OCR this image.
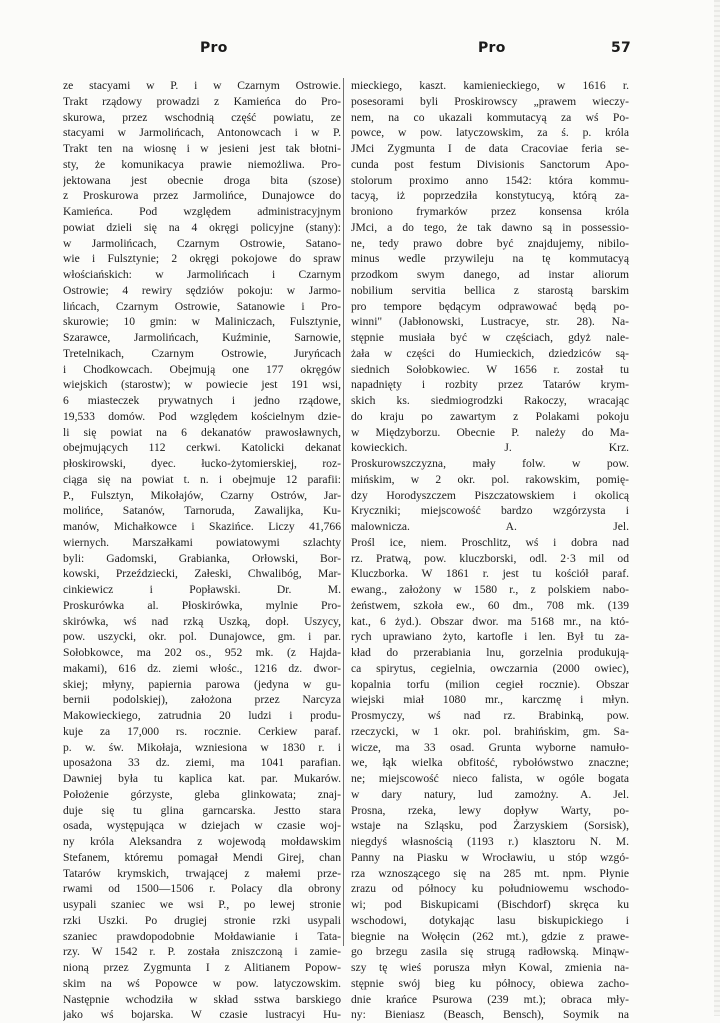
Pro	Pro	57
ze stacyami w P. i w Czarnym Ostrowie.
Trakt rządowy prowadzi z Kamieńca do Pro-
skurowa, przez wschodnią część powiatu, ze
stacyami w Jarmolińcach, Antonowcach i w P.
Trakt ten na wiosnę i w jesieni jest tak błotni-
sty, że komunikacya prawie niemożliwa. Pro-
jektowana jest obecnie droga bita (szose)
z Proskurowa przez Jarmolińce, Dunajowce do
Kamieńca. Pod względem administracyjnym
powiat dzieli się na 4 okręgi policyjne (stany):
w Jarmolińcach, Czarnym Ostrowie, Satano-
wie i Fulsztynie; 2 okręgi pokojowe do spraw
włościańskich: w Jarmolińcach i Czarnym
Ostrowie; 4 rewiry sędziów pokoju: w Jarmo-
lińcach, Czarnym Ostrowie, Satanowie i Pro-
skurowie; 10 gmin: w Maliniczach, Fulsztynie,
Szarawce, Jarmolińcach, Kuźminie, Sarnowie,
Tretelnikach, Czarnym Ostrowie, Juryńcach
i Chodkowcach. Obejmują one 177 okręgów
wiejskich (starostw); w powiecie jest 191 wsi,
6 miasteczek prywatnych i jedno rządowe,
19,533 domów. Pod względem kościelnym dzie-
li się powiat na 6 dekanatów prawosławnych,
obejmujących 112 cerkwi. Katolicki dekanat
płoskirowski, dyec. łucko-żytomierskiej, roz-
ciąga się na powiat t. n. i obejmuje 12 parafii:
P., Fulsztyn, Mikołajów, Czarny Ostrów, Jar-
molińce, Satanów, Tarnoruda, Zawalijka, Ku-
manów, Michałkowce i Skazińce. Liczy 41,766
wiernych. Marszałkami powiatowymi szlachty
byli: Gadomski, Grabianka, Orłowski, Bor-
kowski, Przeździecki, Załeski, Chwalibóg, Mar-
cinkiewicz i Popławski. Dr. M.
Proskurówka al. Płoskirówka, mylnie Pro-
skirówka, wś nad rzką Uszką, dopł. Uszycy,
pow. uszycki, okr. pol. Dunajowce, gm. i par.
Sołobkowce, ma 202 os., 952 mk. (z Hajda-
makami), 616 dz. ziemi włośc., 1216 dz. dwor-
skiej; młyny, papiernia parowa (jedyna w gu-
bernii podolskiej), założona przez Narcyza
Makowieckiego, zatrudnia 20 ludzi i produ-
kuje za 17,000 rs. rocznie. Cerkiew paraf.
p. w. św. Mikołaja, wzniesiona w 1830 r. i
uposażona 33 dz. ziemi, ma 1041 parafian.
Dawniej była tu kaplica kat. par. Mukarów.
Położenie górzyste, gleba glinkowata; znaj-
duje się tu glina garncarska. Jestto stara
osada, występująca w dziejach w czasie woj-
ny króla Aleksandra z wojewodą mołdawskim
Stefanem, któremu pomagał Mendi Girej, chan
Tatarów krymskich, trwającej z małemi prze-
rwami od 1500—1506 r. Polacy dla obrony
usypali szaniec we wsi P., po lewej stronie
rzki Uszki. Po drugiej stronie rzki usypali
szaniec prawdopodobnie Mołdawianie i Tata-
rzy. W 1542 r. P. została zniszczoną i zamie-
nioną przez Zygmunta I z Alitianem Popow-
skim na wś Popowce w pow. latyczowskim.
Następnie wchodziła w skład sstwa barskiego
jako wś bojarska. W czasie lustracyi Hu-
mieckiego, kaszt. kamienieckiego, w 1616 r.
posesorami byli Proskirowscy „prawem wieczy-
nem, na co ukazali kommutacyą za wś Po-
powce, w pow. latyczowskim, za ś. p. króla
JMci Zygmunta I de data Cracoviae feria se-
cunda post festum Divisionis Sanctorum Apo-
stolorum proximo anno 1542: która kommu-
tacyą, iż poprzedziła konstytucyą, którą za-
broniono frymarków przez konsensa króla
JMci, a do tego, że tak dawno są in possessio-
ne, tedy prawo dobre być znajdujemy, nibilo-
minus wedle przywileju na tę kommutacyą
przodkom swym danego, ad instar aliorum
nobilium servitia bellica z starostą barskim
pro tempore będącym odprawować będą po-
winni" (Jabłonowski, Lustracye, str. 28). Na-
stępnie musiała być w częściach, gdyż nale-
żała w części do Humieckich, dziedziców są-
siednich Sołobkowiec. W 1656 r. został tu
napadnięty i rozbity przez Tatarów krym-
skich ks. siedmiogrodzki Rakoczy, wracając
do kraju po zawartym z Polakami pokoju
w Międzyborzu. Obecnie P. należy do Ma-
kowieckich. J. Krz.
Proskurowszczyzna, mały folw. w pow.
mińskim, w 2 okr. pol. rakowskim, pomię-
dzy Horodyszczem Piszczatowskiem i okolicą
Kryczniki; miejscowość bardzo wzgórzysta i
malownicza. A. Jel.
Prośl ice, niem. Proschlitz, wś i dobra nad
rz. Pratwą, pow. kluczborski, odl. 2·3 mil od
Kluczborka. W 1861 r. jest tu kościół paraf.
ewang., założony w 1580 r., z polskiem nabo-
żeństwem, szkoła ew., 60 dm., 708 mk. (139
kat., 6 żyd.). Obszar dwor. ma 5168 mr., na któ-
rych uprawiano żyto, kartofle i len. Był tu za-
kład do przerabiania lnu, gorzelnia produkują-
ca spirytus, cegielnia, owczarnia (2000 owiec),
kopalnia torfu (milion cegieł rocznie). Obszar
wiejski miał 1080 mr., karczmę i młyn.
Prosmyczy, wś nad rz. Brabinką, pow.
rzeczycki, w 1 okr. pol. brahińskim, gm. Sa-
wicze, ma 33 osad. Grunta wyborne namuło-
we, łąk wielka obfitość, rybołówstwo znaczne;
ne; miejscowość nieco falista, w ogóle bogata
w dary natury, lud zamożny. A. Jel.
Prosna, rzeka, lewy dopływ Warty, po-
wstaje na Szląsku, pod Żarzyskiem (Sorsisk),
niegdyś własnością (1193 r.) klasztoru N. M.
Panny na Piasku w Wrocławiu, u stóp wzgó-
rza wznoszącego się na 285 mt. npm. Płynie
zrazu od północy ku południowemu wschodo-
wi; pod Biskupicami (Bischdorf) skręca ku
wschodowi, dotykając lasu biskupickiego i
biegnie na Wołęcin (262 mt.), gdzie z prawe-
go brzegu zasila się strugą radłowską. Minąw-
szy tę wieś porusza młyn Kowal, zmienia na-
stępnie swój bieg ku północy, obiewa zacho-
dnie krańce Psurowa (239 mt.); obraca mły-
ny: Bieniasz (Beasch, Bensch), Soymik na
